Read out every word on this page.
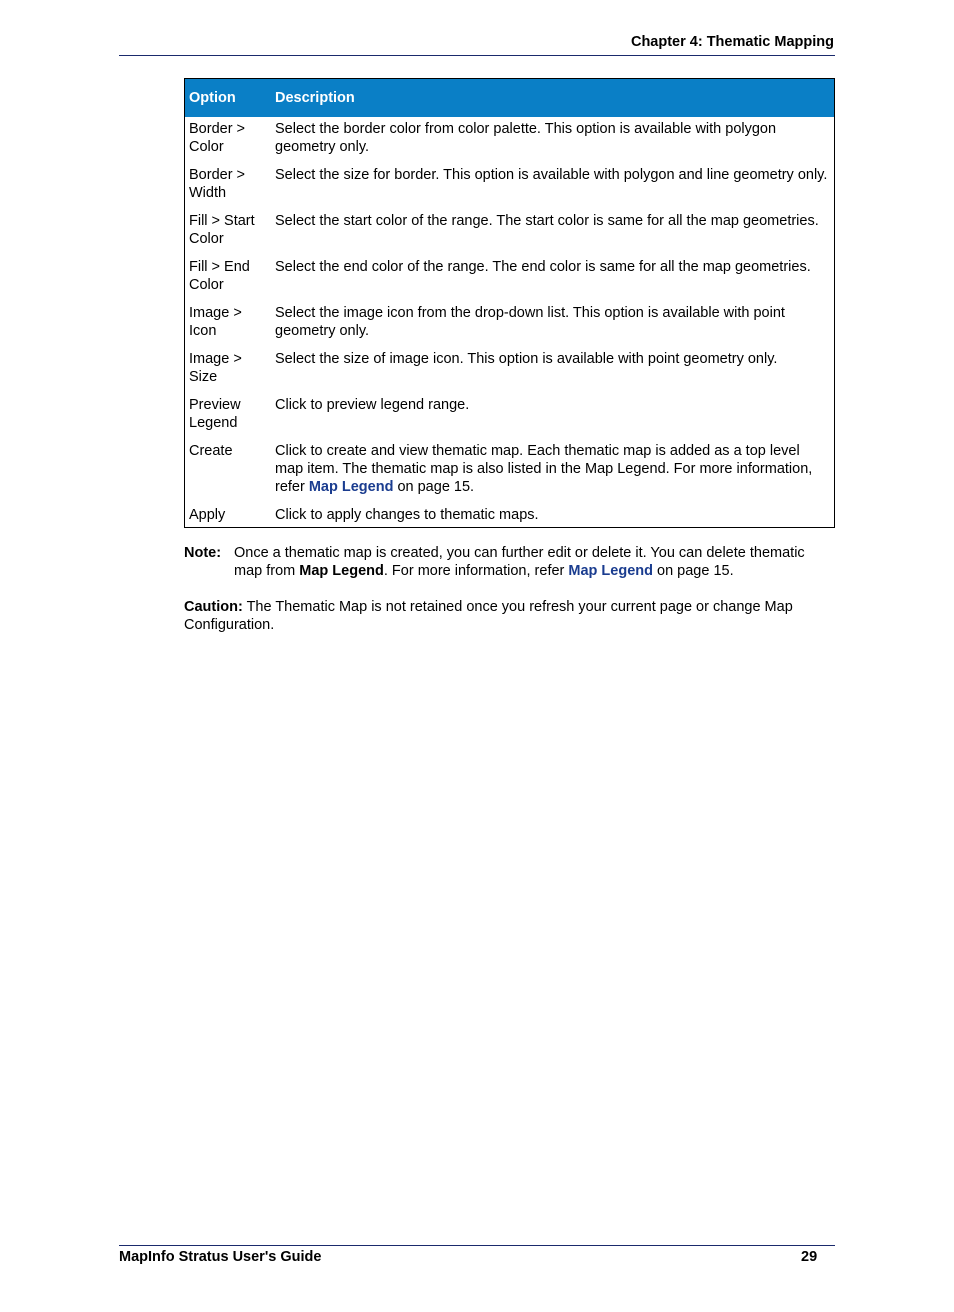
Chapter 4: Thematic Mapping
Option	Description
Border > Color	Select the border color from color palette. This option is available with polygon geometry only.
Border > Width	Select the size for border. This option is available with polygon and line geometry only.
Fill > Start Color	Select the start color of the range. The start color is same for all the map geometries.
Fill > End Color	Select the end color of the range. The end color is same for all the map geometries.
Image > Icon	Select the image icon from the drop-down list. This option is available with point geometry only.
Image > Size	Select the size of image icon. This option is available with point geometry only.
Preview Legend	Click to preview legend range.
Create	Click to create and view thematic map. Each thematic map is added as a top level map item. The thematic map is also listed in the Map Legend. For more information, refer Map Legend on page 15.
Apply	Click to apply changes to thematic maps.
Note: Once a thematic map is created, you can further edit or delete it. You can delete thematic map from Map Legend. For more information, refer Map Legend on page 15.
Caution: The Thematic Map is not retained once you refresh your current page or change Map Configuration.
MapInfo Stratus User's Guide	29
